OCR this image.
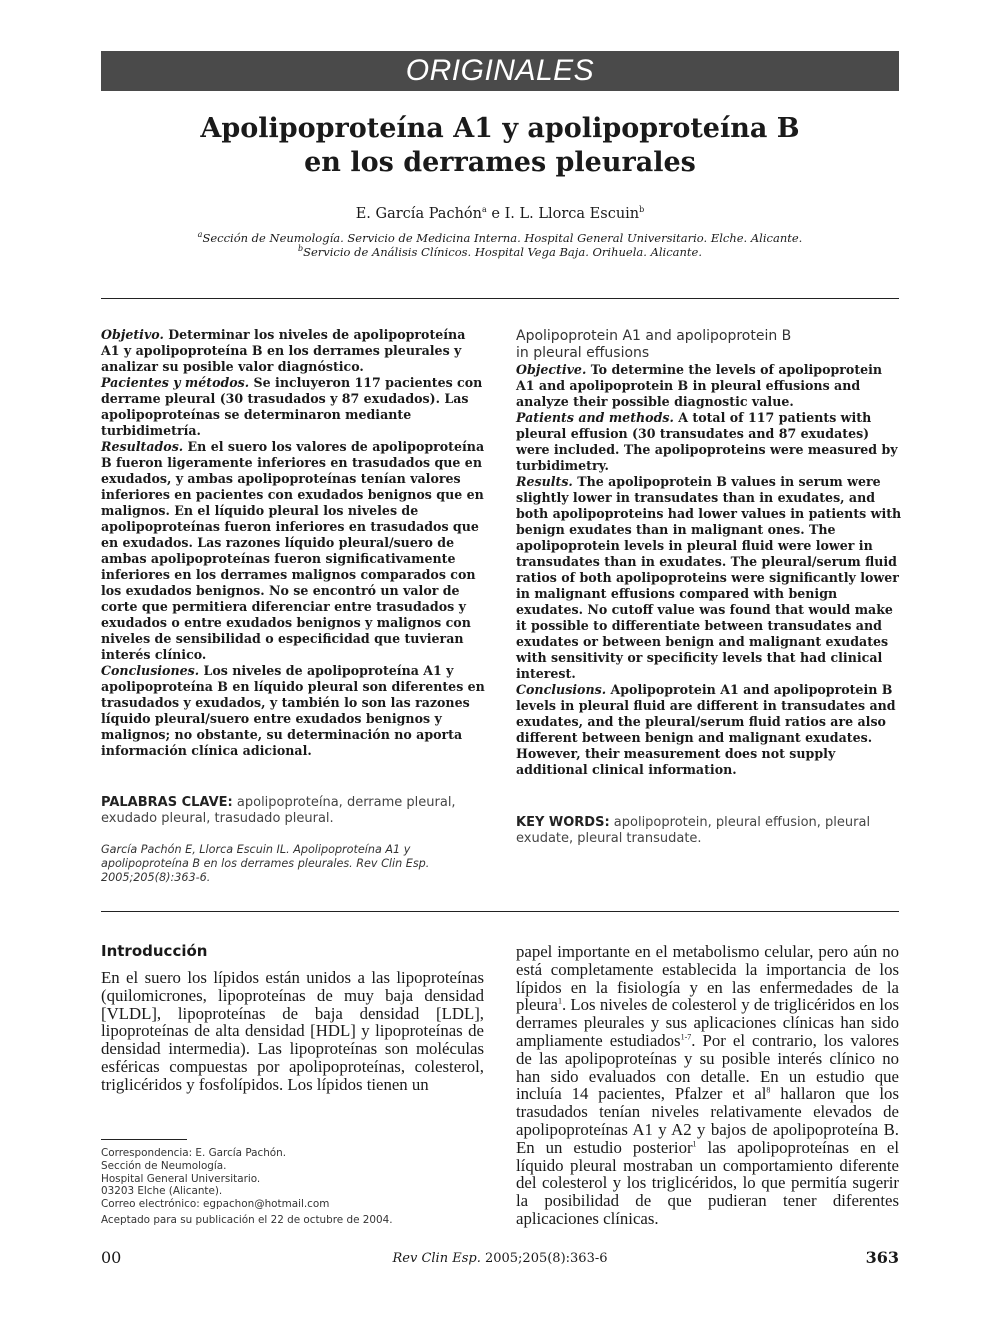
ORIGINALES
Apolipoproteína A1 y apolipoproteína B
en los derrames pleurales
E. García Pachón$^a$ e I. L. Llorca Escuin$^b$
$^a$Sección de Neumología. Servicio de Medicina Interna. Hospital General Universitario. Elche. Alicante.
$^b$Servicio de Análisis Clínicos. Hospital Vega Baja. Orihuela. Alicante.

Objetivo. Determinar los niveles de apolipoproteína A1 y apolipoproteína B en los derrames pleurales y analizar su posible valor diagnóstico.

Pacientes y métodos. Se incluyeron 117 pacientes con derrame pleural (30 trasudados y 87 exudados). Las apolipoproteínas se determinaron mediante turbidimetría.

Resultados. En el suero los valores de apolipoproteína B fueron ligeramente inferiores en trasudados que en exudados, y ambas apolipoproteínas tenían valores inferiores en pacientes con exudados benignos que en malignos. En el líquido pleural los niveles de apolipoproteínas fueron inferiores en trasudados que en exudados. Las razones líquido pleural/suero de ambas apolipoproteínas fueron significativamente inferiores en los derrames malignos comparados con los exudados benignos. No se encontró un valor de corte que permitiera diferenciar entre trasudados y exudados o entre exudados benignos y malignos con niveles de sensibilidad o especificidad que tuvieran interés clínico.

Conclusiones. Los niveles de apolipoproteína A1 y apolipoproteína B en líquido pleural son diferentes en trasudados y exudados, y también lo son las razones líquido pleural/suero entre exudados benignos y malignos; no obstante, su determinación no aporta información clínica adicional.

PALABRAS CLAVE: apolipoproteína, derrame pleural, exudado pleural, trasudado pleural.
García Pachón E, Llorca Escuin IL. Apolipoproteína A1 y apolipoproteína B en los derrames pleurales. Rev Clin Esp. 2005;205(8):363-6.
Apolipoprotein A1 and apolipoprotein B
in pleural effusions

Objective. To determine the levels of apolipoprotein A1 and apolipoprotein B in pleural effusions and analyze their possible diagnostic value.

Patients and methods. A total of 117 patients with pleural effusion (30 transudates and 87 exudates) were included. The apolipoproteins were measured by turbidimetry.

Results. The apolipoprotein B values in serum were slightly lower in transudates than in exudates, and both apolipoproteins had lower values in patients with benign exudates than in malignant ones. The apolipoprotein levels in pleural fluid were lower in transudates than in exudates. The pleural/serum fluid ratios of both apolipoproteins were significantly lower in malignant effusions compared with benign exudates. No cutoff value was found that would make it possible to differentiate between transudates and exudates or between benign and malignant exudates with sensitivity or specificity levels that had clinical interest.

Conclusions. Apolipoprotein A1 and apolipoprotein B levels in pleural fluid are different in transudates and exudates, and the pleural/serum fluid ratios are also different between benign and malignant exudates. However, their measurement does not supply additional clinical information.

KEY WORDS: apolipoprotein, pleural effusion, pleural exudate, pleural transudate.
Introducción
En el suero los lípidos están unidos a las lipoproteínas (quilomicrones, lipoproteínas de muy baja densidad [VLDL], lipoproteínas de baja densidad [LDL], lipoproteínas de alta densidad [HDL] y lipoproteínas de densidad intermedia). Las lipoproteínas son moléculas esféricas compuestas por apolipoproteínas, colesterol, triglicéridos y fosfolípidos. Los lípidos tienen un
papel importante en el metabolismo celular, pero aún no está completamente establecida la importancia de los lípidos en la fisiología y en las enfermedades de la pleura$^1$. Los niveles de colesterol y de triglicéridos en los derrames pleurales y sus aplicaciones clínicas han sido ampliamente estudiados$^{1-7}$. Por el contrario, los valores de las apolipoproteínas y su posible interés clínico no han sido evaluados con detalle. En un estudio que incluía 14 pacientes, Pfalzer et $al^8$ hallaron que los trasudados tenían niveles relativamente elevados de apolipoproteínas A1 y A2 y bajos de apolipoproteína B. En un estudio posterior$^1$ las apolipoproteínas en el líquido pleural mostraban un comportamiento diferente del colesterol y los triglicéridos, lo que permitía sugerir la posibilidad de que pudieran tener diferentes aplicaciones clínicas.
Correspondencia: E. García Pachón.
Sección de Neumología.
Hospital General Universitario.
03203 Elche (Alicante).
Correo electrónico: egpachon@hotmail.com
Aceptado para su publicación el 22 de octubre de 2004.
00	Rev Clin Esp. 2005;205(8):363-6	363
